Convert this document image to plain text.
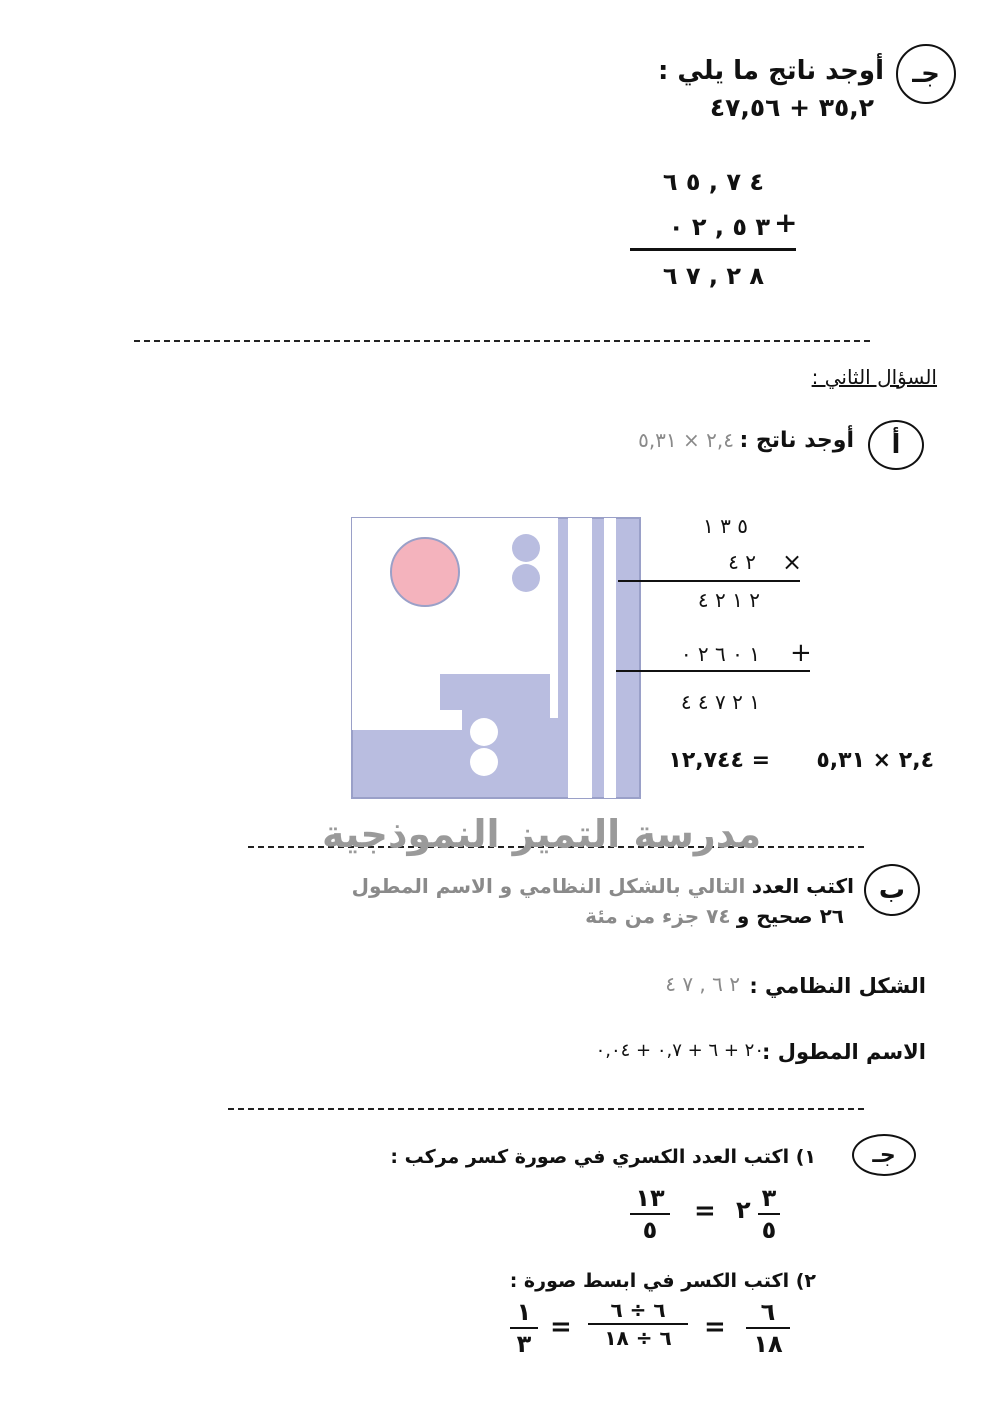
جـ
أوجد ناتج ما يلي :
٣٥,٢ + ٤٧,٥٦
٤ ٧ , ٥ ٦
٣ ٥ , ٢ ٠ +
٨ ٢ , ٧ ٦
السؤال الثاني :
أ
أوجد ناتج :
٢,٤ × ٥,٣١
٥ ٣ ١
٢ ٤ ×
٢ ١ ٢ ٤
١ ٠ ٦ ٢ ٠ +
١ ٢ ٧ ٤ ٤
٢,٤ × ٥,٣١
١٢,٧٤٤ =
مدرسة التميز النموذجية
ب
اكتب العدد التالي بالشكل النظامي و الاسم المطول
٢٦ صحيح و ٧٤ جزء من مئة
الشكل النظامي :
٢ ٦ , ٧ ٤
الاسم المطول :
٢٠ + ٦ + ٠,٧ + ٠,٠٤
جـ
١) اكتب العدد الكسري في صورة كسر مركب :
١٣
٥
= ٢ ٣
٥
٢) اكتب الكسر في ابسط صورة :
١
٣
=
٦ ÷ ٦
٦ ÷ ١٨ = ٦
١٨
